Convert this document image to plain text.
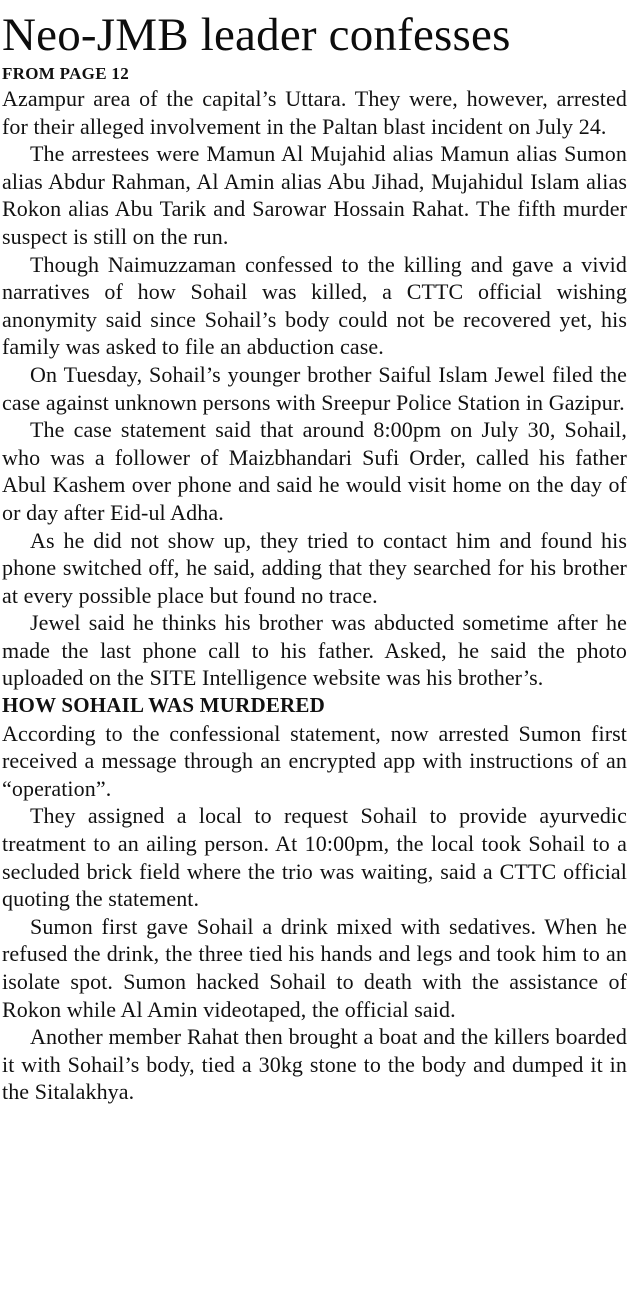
Neo-JMB leader confesses
FROM PAGE 12

Azampur area of the capital’s Uttara. They were, however, arrested for their alleged involvement in the Paltan blast incident on July 24.

The arrestees were Mamun Al Mujahid alias Mamun alias Sumon alias Abdur Rahman, Al Amin alias Abu Jihad, Mujahidul Islam alias Rokon alias Abu Tarik and Sarowar Hossain Rahat. The fifth murder suspect is still on the run.

Though Naimuzzaman confessed to the killing and gave a vivid narratives of how Sohail was killed, a CTTC official wishing anonymity said since Sohail’s body could not be recovered yet, his family was asked to file an abduction case.

On Tuesday, Sohail’s younger brother Saiful Islam Jewel filed the case against unknown persons with Sreepur Police Station in Gazipur.

The case statement said that around 8:00pm on July 30, Sohail, who was a follower of Maizbhandari Sufi Order, called his father Abul Kashem over phone and said he would visit home on the day of or day after Eid-ul Adha.

As he did not show up, they tried to contact him and found his phone switched off, he said, adding that they searched for his brother at every possible place but found no trace.

Jewel said he thinks his brother was abducted sometime after he made the last phone call to his father. Asked, he said the photo uploaded on the SITE Intelligence website was his brother’s.

HOW SOHAIL WAS MURDERED

According to the confessional statement, now arrested Sumon first received a message through an encrypted app with instructions of an “operation”.

They assigned a local to request Sohail to provide ayurvedic treatment to an ailing person. At 10:00pm, the local took Sohail to a secluded brick field where the trio was waiting, said a CTTC official quoting the statement.

Sumon first gave Sohail a drink mixed with sedatives. When he refused the drink, the three tied his hands and legs and took him to an isolate spot. Sumon hacked Sohail to death with the assistance of Rokon while Al Amin videotaped, the official said.

Another member Rahat then brought a boat and the killers boarded it with Sohail’s body, tied a 30kg stone to the body and dumped it in the Sitalakhya.
